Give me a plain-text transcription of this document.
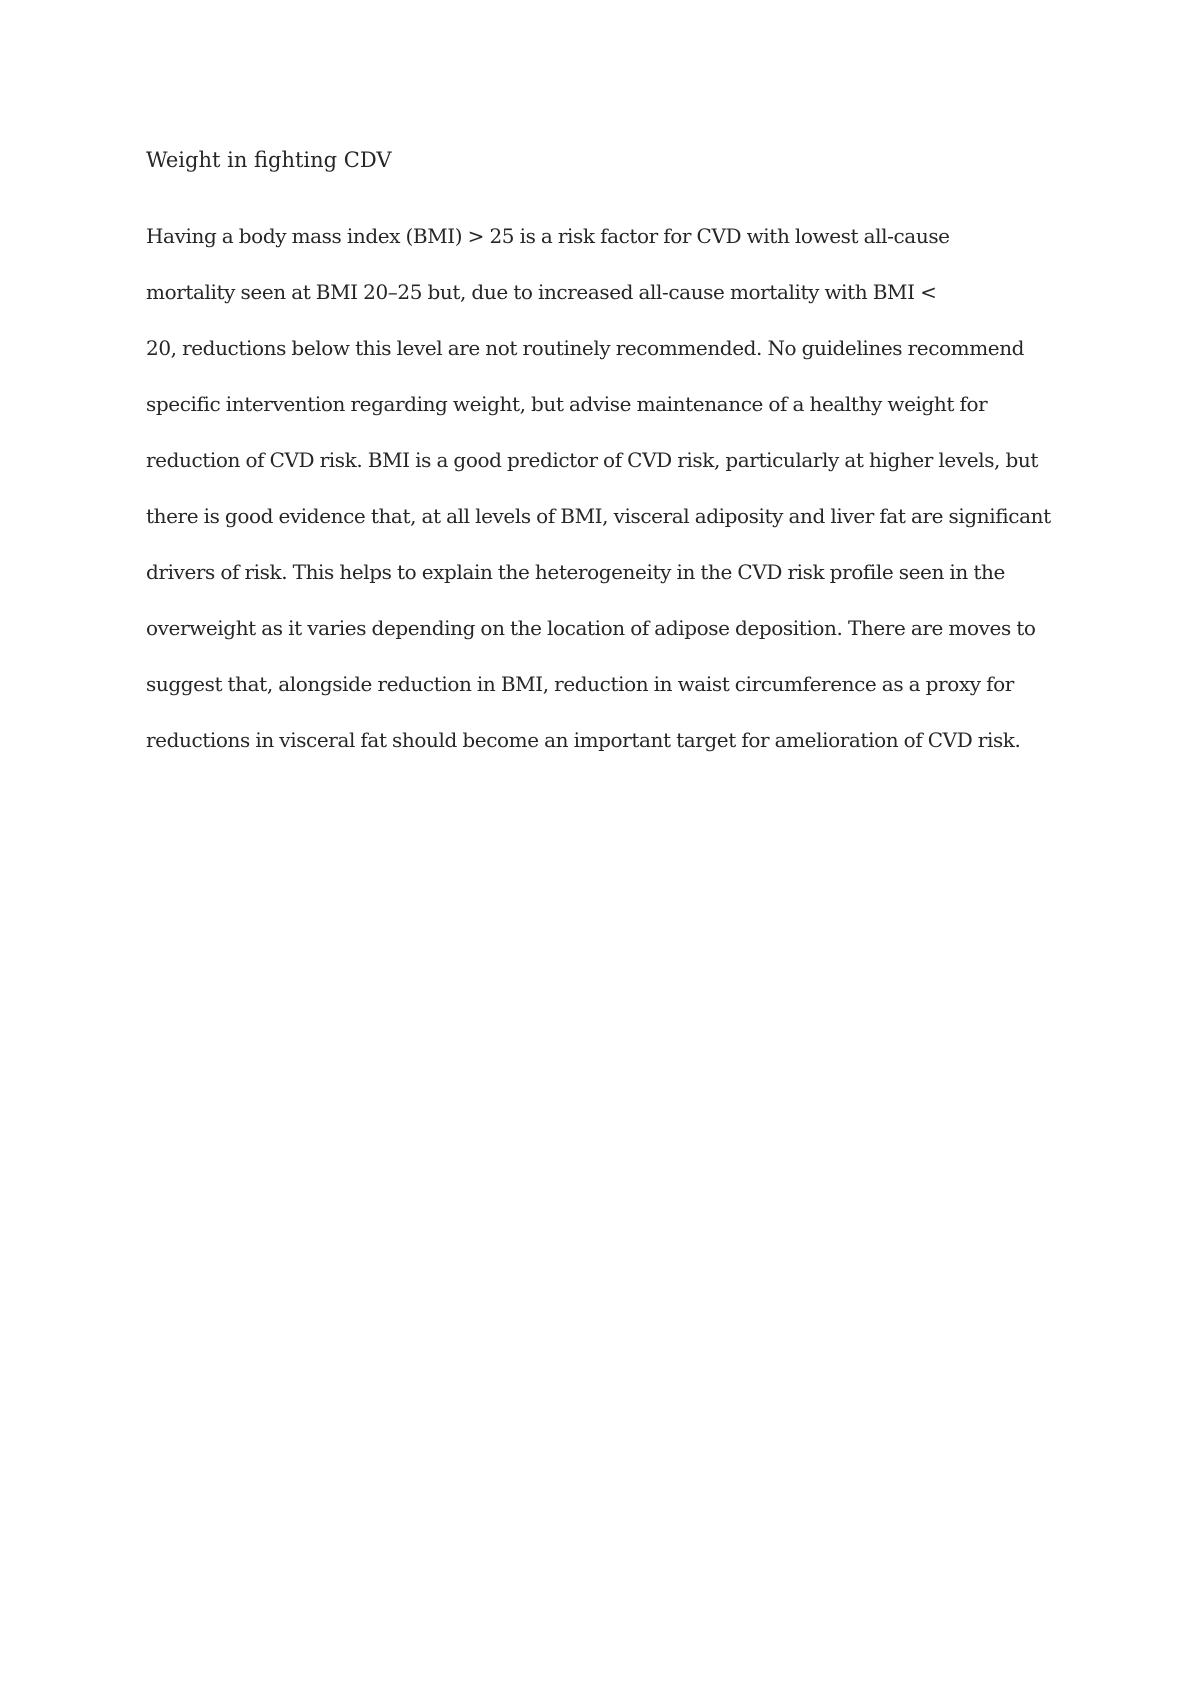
Weight in fighting CDV
Having a body mass index (BMI) > 25 is a risk factor for CVD with lowest all-cause
mortality seen at BMI 20–25 but, due to increased all-cause mortality with BMI <
20, reductions below this level are not routinely recommended. No guidelines recommend
specific intervention regarding weight, but advise maintenance of a healthy weight for
reduction of CVD risk. BMI is a good predictor of CVD risk, particularly at higher levels, but
there is good evidence that, at all levels of BMI, visceral adiposity and liver fat are significant
drivers of risk. This helps to explain the heterogeneity in the CVD risk profile seen in the
overweight as it varies depending on the location of adipose deposition. There are moves to
suggest that, alongside reduction in BMI, reduction in waist circumference as a proxy for
reductions in visceral fat should become an important target for amelioration of CVD risk.
